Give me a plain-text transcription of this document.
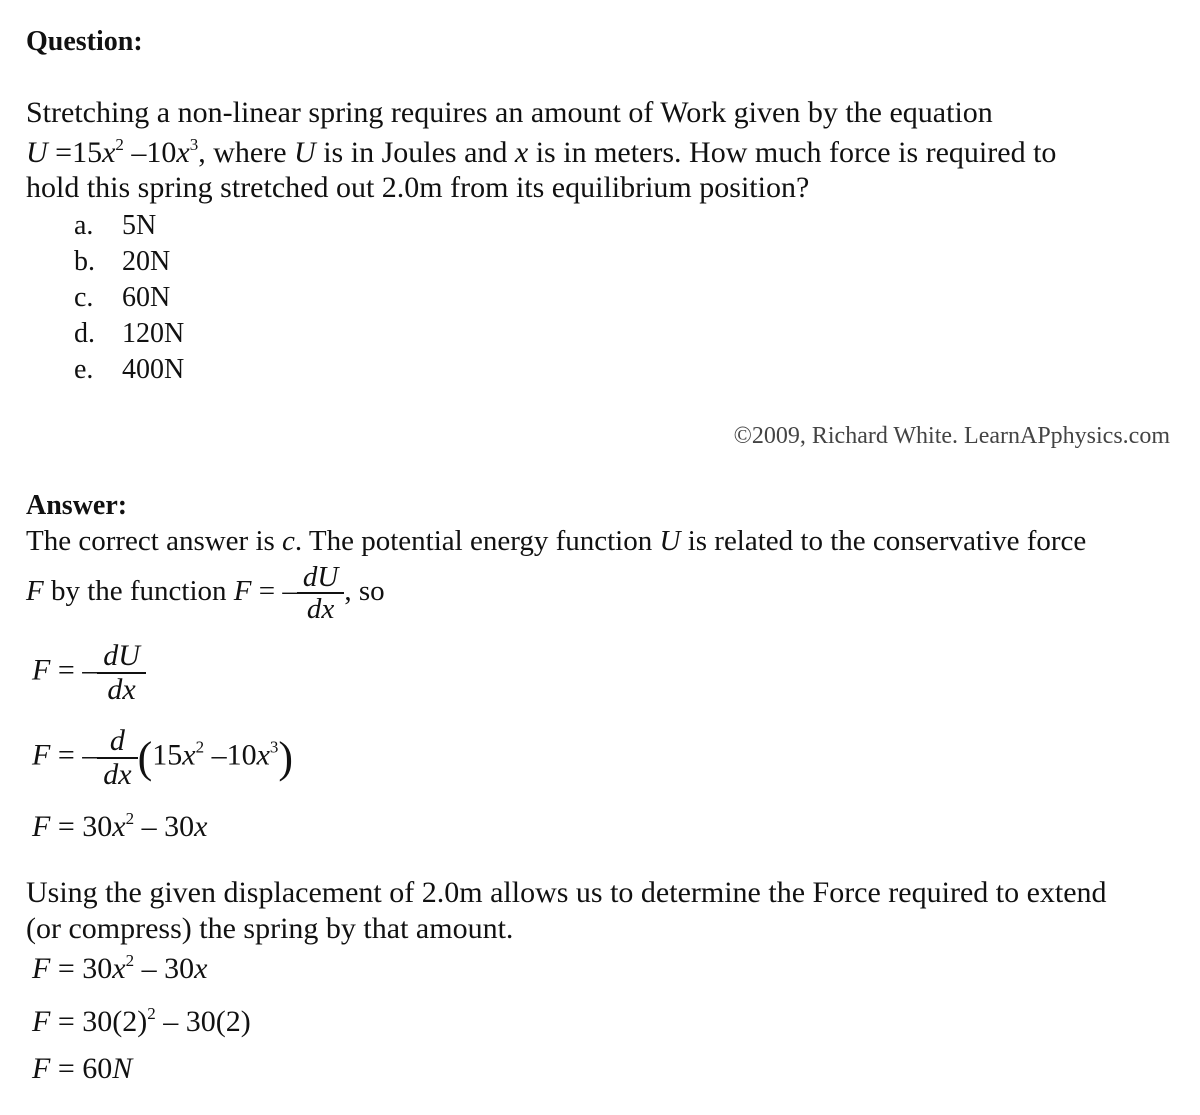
Question:
Stretching a non-linear spring requires an amount of Work given by the equation
$U =15x^2$ $-10x^3$, where U is in Joules and x is in meters. How much force is required to
hold this spring stretched out 2.0m from its equilibrium position?
a. 5N
b. 20N
c. 60N
d. 120N
e. 400N
©2009, Richard White. LearnAPphysics.com
Answer:
The correct answer is c. The potential energy function U is related to the conservative force
F by the function F = – $\frac{dU}{dx}$ , so
F = – $\frac{dU}{dx}$
F = – $\frac{d}{dx} (15x^2$ $-10x^3$)
$F = 30x^2 - 30x$
Using the given displacement of 2.0m allows us to determine the Force required to extend
(or compress) the spring by that amount.
$F = 30x^2 - 30x$
$F = 30(2)^2 - 30(2)$
F = 60N
